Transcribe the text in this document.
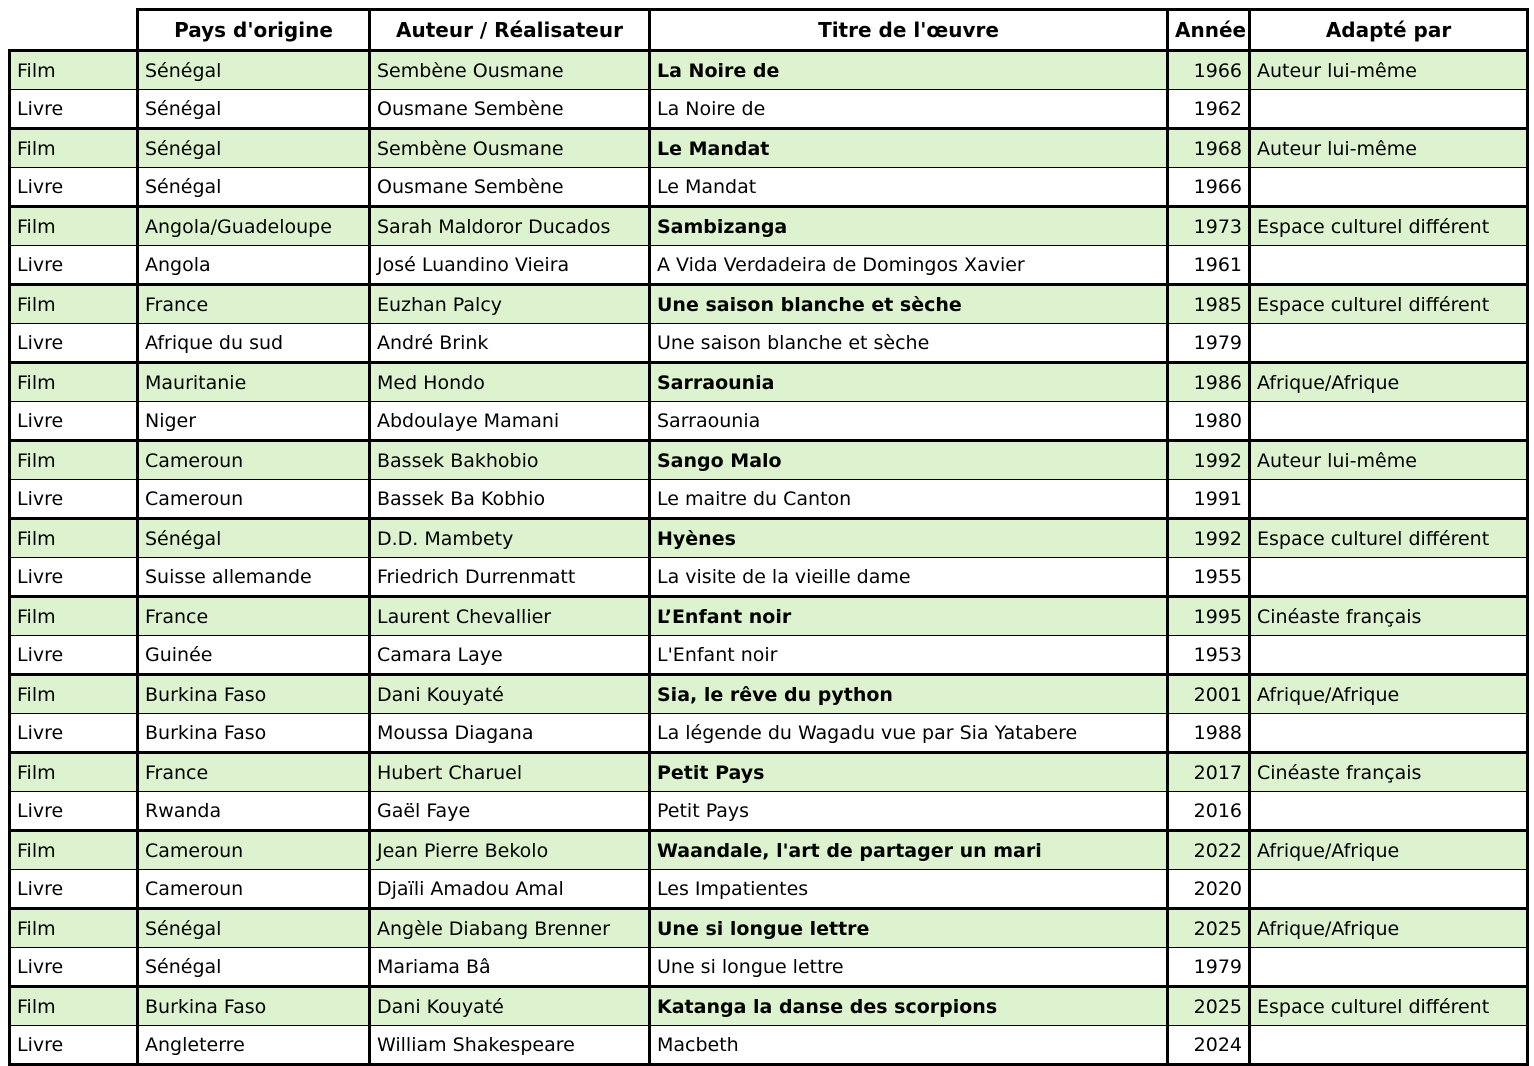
	Pays d'origine	Auteur / Réalisateur	Titre de l'œuvre	Année	Adapté par
Film	Sénégal	Sembène Ousmane	La Noire de	1966	Auteur lui-même
Livre	Sénégal	Ousmane Sembène	La Noire de	1962	
Film	Sénégal	Sembène Ousmane	Le Mandat	1968	Auteur lui-même
Livre	Sénégal	Ousmane Sembène	Le Mandat	1966	
Film	Angola/Guadeloupe	Sarah Maldoror Ducados	Sambizanga	1973	Espace culturel différent
Livre	Angola	José Luandino Vieira	A Vida Verdadeira de Domingos Xavier	1961	
Film	France	Euzhan Palcy	Une saison blanche et sèche	1985	Espace culturel différent
Livre	Afrique du sud	André Brink	Une saison blanche et sèche	1979	
Film	Mauritanie	Med Hondo	Sarraounia	1986	Afrique/Afrique
Livre	Niger	Abdoulaye Mamani	Sarraounia	1980	
Film	Cameroun	Bassek Bakhobio	Sango Malo	1992	Auteur lui-même
Livre	Cameroun	Bassek Ba Kobhio	Le maitre du Canton	1991	
Film	Sénégal	D.D. Mambety	Hyènes	1992	Espace culturel différent
Livre	Suisse allemande	Friedrich Durrenmatt	La visite de la vieille dame	1955	
Film	France	Laurent Chevallier	L’Enfant noir	1995	Cinéaste français
Livre	Guinée	Camara Laye	L'Enfant noir	1953	
Film	Burkina Faso	Dani Kouyaté	Sia, le rêve du python	2001	Afrique/Afrique
Livre	Burkina Faso	Moussa Diagana	La légende du Wagadu vue par Sia Yatabere	1988	
Film	France	Hubert Charuel	Petit Pays	2017	Cinéaste français
Livre	Rwanda	Gaël Faye	Petit Pays	2016	
Film	Cameroun	Jean Pierre Bekolo	Waandale, l'art de partager un mari	2022	Afrique/Afrique
Livre	Cameroun	Djaïli Amadou Amal	Les Impatientes	2020	
Film	Sénégal	Angèle Diabang Brenner	Une si longue lettre	2025	Afrique/Afrique
Livre	Sénégal	Mariama Bâ	Une si longue lettre	1979	
Film	Burkina Faso	Dani Kouyaté	Katanga la danse des scorpions	2025	Espace culturel différent
Livre	Angleterre	William Shakespeare	Macbeth	2024	
